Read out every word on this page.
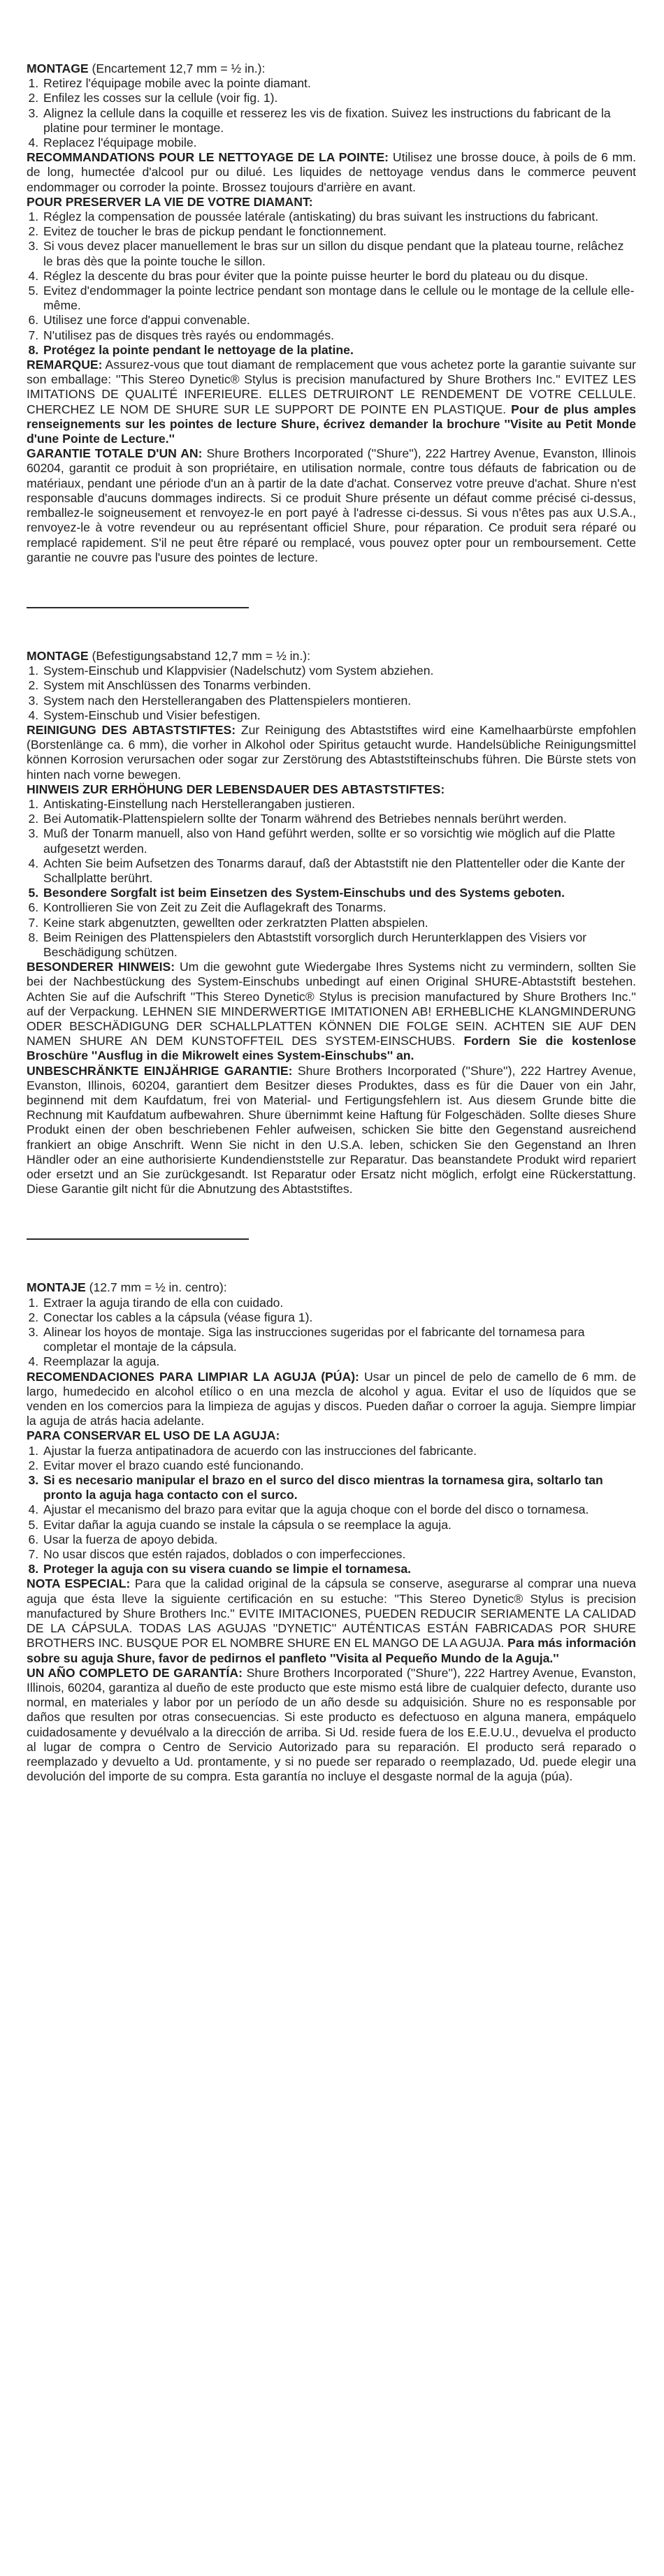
MONTAGE (Encartement 12,7 mm = ½ in.):

1. Retirez l'équipage mobile avec la pointe diamant.
2. Enfilez les cosses sur la cellule (voir fig. 1).
3. Alignez la cellule dans la coquille et resserez les vis de fixation. Suivez les instructions du fabricant de la platine pour terminer le montage.
4. Replacez l'équipage mobile.

RECOMMANDATIONS POUR LE NETTOYAGE DE LA POINTE: Utilisez une brosse douce, à poils de 6 mm. de long, humectée d'alcool pur ou dilué. Les liquides de nettoyage vendus dans le commerce peuvent endommager ou corroder la pointe. Brossez toujours d'arrière en avant.

POUR PRESERVER LA VIE DE VOTRE DIAMANT:

1. Réglez la compensation de poussée latérale (antiskating) du bras suivant les instructions du fabricant.
2. Evitez de toucher le bras de pickup pendant le fonctionnement.
3. Si vous devez placer manuellement le bras sur un sillon du disque pendant que la plateau tourne, relâchez le bras dès que la pointe touche le sillon.
4. Réglez la descente du bras pour éviter que la pointe puisse heurter le bord du plateau ou du disque.
5. Evitez d'endommager la pointe lectrice pendant son montage dans le cellule ou le montage de la cellule elle-même.
6. Utilisez une force d'appui convenable.
7. N'utilisez pas de disques très rayés ou endommagés.
8. Protégez la pointe pendant le nettoyage de la platine.

REMARQUE: Assurez-vous que tout diamant de remplacement que vous achetez porte la garantie suivante sur son emballage: ''This Stereo Dynetic® Stylus is precision manufactured by Shure Brothers Inc.'' EVITEZ LES IMITATIONS DE QUALITÉ INFERIEURE. ELLES DETRUIRONT LE RENDEMENT DE VOTRE CELLULE. CHERCHEZ LE NOM DE SHURE SUR LE SUPPORT DE POINTE EN PLASTIQUE. Pour de plus amples renseignements sur les pointes de lecture Shure, écrivez demander la brochure ''Visite au Petit Monde d'une Pointe de Lecture.''

GARANTIE TOTALE D'UN AN: Shure Brothers Incorporated (''Shure''), 222 Hartrey Avenue, Evanston, Illinois 60204, garantit ce produit à son propriétaire, en utilisation normale, contre tous défauts de fabrication ou de matériaux, pendant une période d'un an à partir de la date d'achat. Conservez votre preuve d'achat. Shure n'est responsable d'aucuns dommages indirects. Si ce produit Shure présente un défaut comme précisé ci-dessus, remballez-le soigneusement et renvoyez-le en port payé à l'adresse ci-dessus. Si vous n'êtes pas aux U.S.A., renvoyez-le à votre revendeur ou au représentant officiel Shure, pour réparation. Ce produit sera réparé ou remplacé rapidement. S'il ne peut être réparé ou remplacé, vous pouvez opter pour un remboursement. Cette garantie ne couvre pas l'usure des pointes de lecture.

MONTAGE (Befestigungsabstand 12,7 mm = ½ in.):

1. System-Einschub und Klappvisier (Nadelschutz) vom System abziehen.
2. System mit Anschlüssen des Tonarms verbinden.
3. System nach den Herstellerangaben des Plattenspielers montieren.
4. System-Einschub und Visier befestigen.

REINIGUNG DES ABTASTSTIFTES: Zur Reinigung des Abtaststiftes wird eine Kamelhaarbürste empfohlen (Borstenlänge ca. 6 mm), die vorher in Alkohol oder Spiritus getaucht wurde. Handelsübliche Reinigungsmittel können Korrosion verursachen oder sogar zur Zerstörung des Abtaststifteinschubs führen. Die Bürste stets von hinten nach vorne bewegen.

HINWEIS ZUR ERHÖHUNG DER LEBENSDAUER DES ABTASTSTIFTES:

1. Antiskating-Einstellung nach Herstellerangaben justieren.
2. Bei Automatik-Plattenspielern sollte der Tonarm während des Betriebes nennals berührt werden.
3. Muß der Tonarm manuell, also von Hand geführt werden, sollte er so vorsichtig wie möglich auf die Platte aufgesetzt werden.
4. Achten Sie beim Aufsetzen des Tonarms darauf, daß der Abtaststift nie den Plattenteller oder die Kante der Schallplatte berührt.
5. Besondere Sorgfalt ist beim Einsetzen des System-Einschubs und des Systems geboten.
6. Kontrollieren Sie von Zeit zu Zeit die Auflagekraft des Tonarms.
7. Keine stark abgenutzten, gewellten oder zerkratzten Platten abspielen.
8. Beim Reinigen des Plattenspielers den Abtaststift vorsorglich durch Herunterklappen des Visiers vor Beschädigung schützen.

BESONDERER HINWEIS: Um die gewohnt gute Wiedergabe Ihres Systems nicht zu vermindern, sollten Sie bei der Nachbestückung des System-Einschubs unbedingt auf einen Original SHURE-Abtaststift bestehen. Achten Sie auf die Aufschrift ''This Stereo Dynetic® Stylus is precision manufactured by Shure Brothers Inc.'' auf der Verpackung. LEHNEN SIE MINDERWERTIGE IMITATIONEN AB! ERHEBLICHE KLANGMINDERUNG ODER BESCHÄDIGUNG DER SCHALLPLATTEN KÖNNEN DIE FOLGE SEIN. ACHTEN SIE AUF DEN NAMEN SHURE AN DEM KUNSTOFFTEIL DES SYSTEM-EINSCHUBS. Fordern Sie die kostenlose Broschüre ''Ausflug in die Mikrowelt eines System-Einschubs'' an.

UNBESCHRÄNKTE EINJÄHRIGE GARANTIE: Shure Brothers Incorporated (''Shure''), 222 Hartrey Avenue, Evanston, Illinois, 60204, garantiert dem Besitzer dieses Produktes, dass es für die Dauer von ein Jahr, beginnend mit dem Kaufdatum, frei von Material- und Fertigungsfehlern ist. Aus diesem Grunde bitte die Rechnung mit Kaufdatum aufbewahren. Shure übernimmt keine Haftung für Folgeschäden. Sollte dieses Shure Produkt einen der oben beschriebenen Fehler aufweisen, schicken Sie bitte den Gegenstand ausreichend frankiert an obige Anschrift. Wenn Sie nicht in den U.S.A. leben, schicken Sie den Gegenstand an Ihren Händler oder an eine authorisierte Kundendienststelle zur Reparatur. Das beanstandete Produkt wird repariert oder ersetzt und an Sie zurückgesandt. Ist Reparatur oder Ersatz nicht möglich, erfolgt eine Rückerstattung. Diese Garantie gilt nicht für die Abnutzung des Abtaststiftes.

MONTAJE (12.7 mm = ½ in. centro):

1. Extraer la aguja tirando de ella con cuidado.
2. Conectar los cables a la cápsula (véase figura 1).
3. Alinear los hoyos de montaje. Siga las instrucciones sugeridas por el fabricante del tornamesa para completar el montaje de la cápsula.
4. Reemplazar la aguja.

RECOMENDACIONES PARA LIMPIAR LA AGUJA (PÚA): Usar un pincel de pelo de camello de 6 mm. de largo, humedecido en alcohol etílico o en una mezcla de alcohol y agua. Evitar el uso de líquidos que se venden en los comercios para la limpieza de agujas y discos. Pueden dañar o corroer la aguja. Siempre limpiar la aguja de atrás hacia adelante.

PARA CONSERVAR EL USO DE LA AGUJA:

1. Ajustar la fuerza antipatinadora de acuerdo con las instrucciones del fabricante.
2. Evitar mover el brazo cuando esté funcionando.
3. Si es necesario manipular el brazo en el surco del disco mientras la tornamesa gira, soltarlo tan pronto la aguja haga contacto con el surco.
4. Ajustar el mecanismo del brazo para evitar que la aguja choque con el borde del disco o tornamesa.
5. Evitar dañar la aguja cuando se instale la cápsula o se reemplace la aguja.
6. Usar la fuerza de apoyo debida.
7. No usar discos que estén rajados, doblados o con imperfecciones.
8. Proteger la aguja con su visera cuando se limpie el tornamesa.

NOTA ESPECIAL: Para que la calidad original de la cápsula se conserve, asegurarse al comprar una nueva aguja que ésta lleve la siguiente certificación en su estuche: ''This Stereo Dynetic® Stylus is precision manufactured by Shure Brothers Inc.'' EVITE IMITACIONES, PUEDEN REDUCIR SERIAMENTE LA CALIDAD DE LA CÁPSULA. TODAS LAS AGUJAS ''DYNETIC'' AUTÉNTICAS ESTÁN FABRICADAS POR SHURE BROTHERS INC. BUSQUE POR EL NOMBRE SHURE EN EL MANGO DE LA AGUJA. Para más información sobre su aguja Shure, favor de pedirnos el panfleto ''Visita al Pequeño Mundo de la Aguja.''

UN AÑO COMPLETO DE GARANTÍA: Shure Brothers Incorporated (''Shure''), 222 Hartrey Avenue, Evanston, Illinois, 60204, garantiza al dueño de este producto que este mismo está libre de cualquier defecto, durante uso normal, en materiales y labor por un período de un año desde su adquisición. Shure no es responsable por daños que resulten por otras consecuencias. Si este producto es defectuoso en alguna manera, empáquelo cuidadosamente y devuélvalo a la dirección de arriba. Si Ud. reside fuera de los E.E.U.U., devuelva el producto al lugar de compra o Centro de Servicio Autorizado para su reparación. El producto será reparado o reemplazado y devuelto a Ud. prontamente, y si no puede ser reparado o reemplazado, Ud. puede elegir una devolución del importe de su compra. Esta garantía no incluye el desgaste normal de la aguja (púa).
